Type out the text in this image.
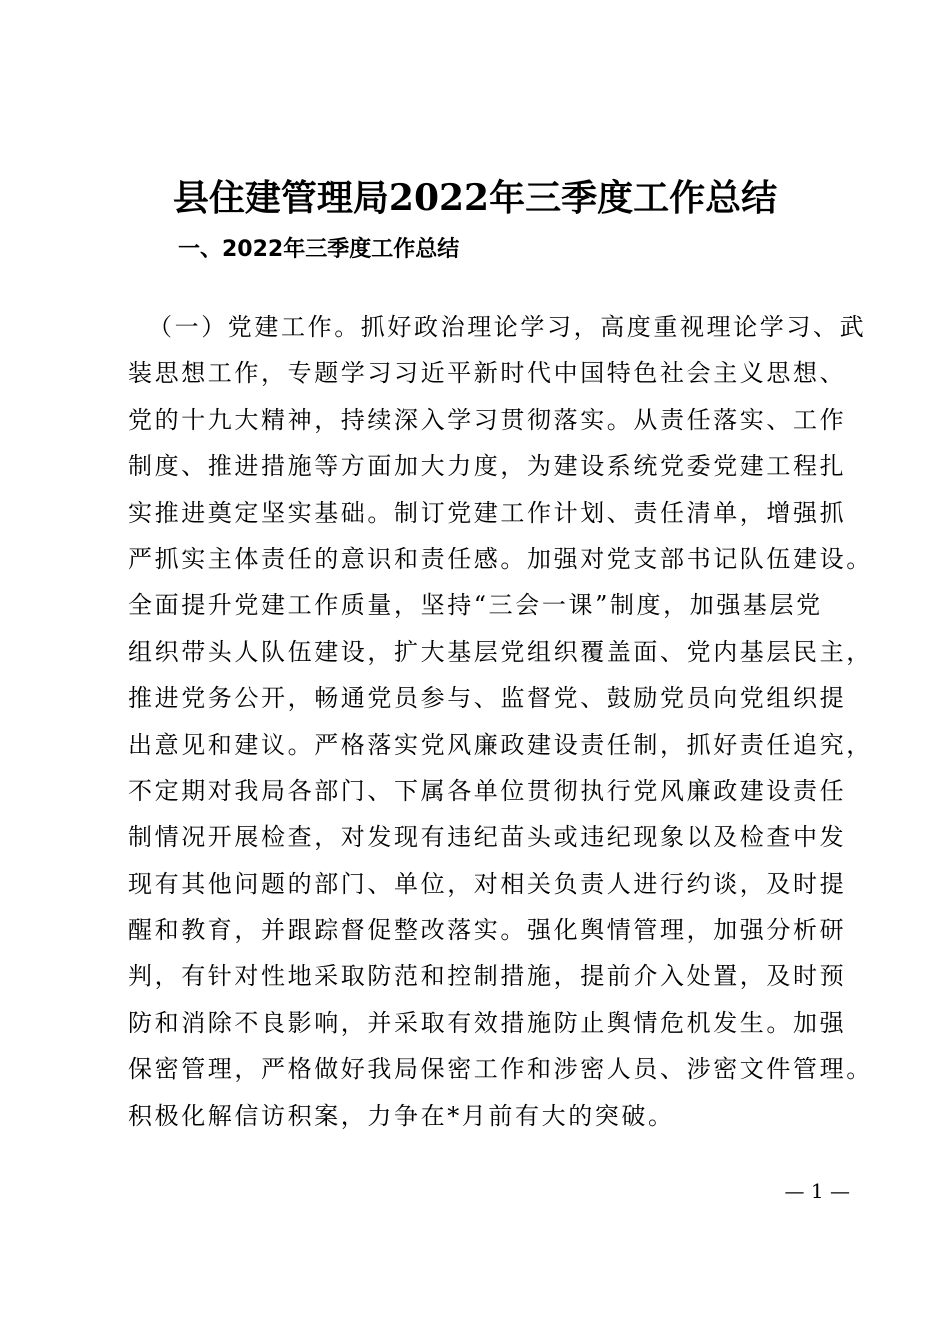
县住建管理局2022年三季度工作总结
一、2022年三季度工作总结
（一）党建工作。抓好政治理论学习，高度重视理论学习、武
装思想工作，专题学习习近平新时代中国特色社会主义思想、
党的十九大精神，持续深入学习贯彻落实。从责任落实、工作
制度、推进措施等方面加大力度，为建设系统党委党建工程扎
实推进奠定坚实基础。制订党建工作计划、责任清单，增强抓
严抓实主体责任的意识和责任感。加强对党支部书记队伍建设。
全面提升党建工作质量，坚持“三会一课”制度，加强基层党
组织带头人队伍建设，扩大基层党组织覆盖面、党内基层民主，
推进党务公开，畅通党员参与、监督党、鼓励党员向党组织提
出意见和建议。严格落实党风廉政建设责任制，抓好责任追究，
不定期对我局各部门、下属各单位贯彻执行党风廉政建设责任
制情况开展检查，对发现有违纪苗头或违纪现象以及检查中发
现有其他问题的部门、单位，对相关负责人进行约谈，及时提
醒和教育，并跟踪督促整改落实。强化舆情管理，加强分析研
判，有针对性地采取防范和控制措施，提前介入处置，及时预
防和消除不良影响，并采取有效措施防止舆情危机发生。加强
保密管理，严格做好我局保密工作和涉密人员、涉密文件管理。
积极化解信访积案，力争在*月前有大的突破。
— 1 —
